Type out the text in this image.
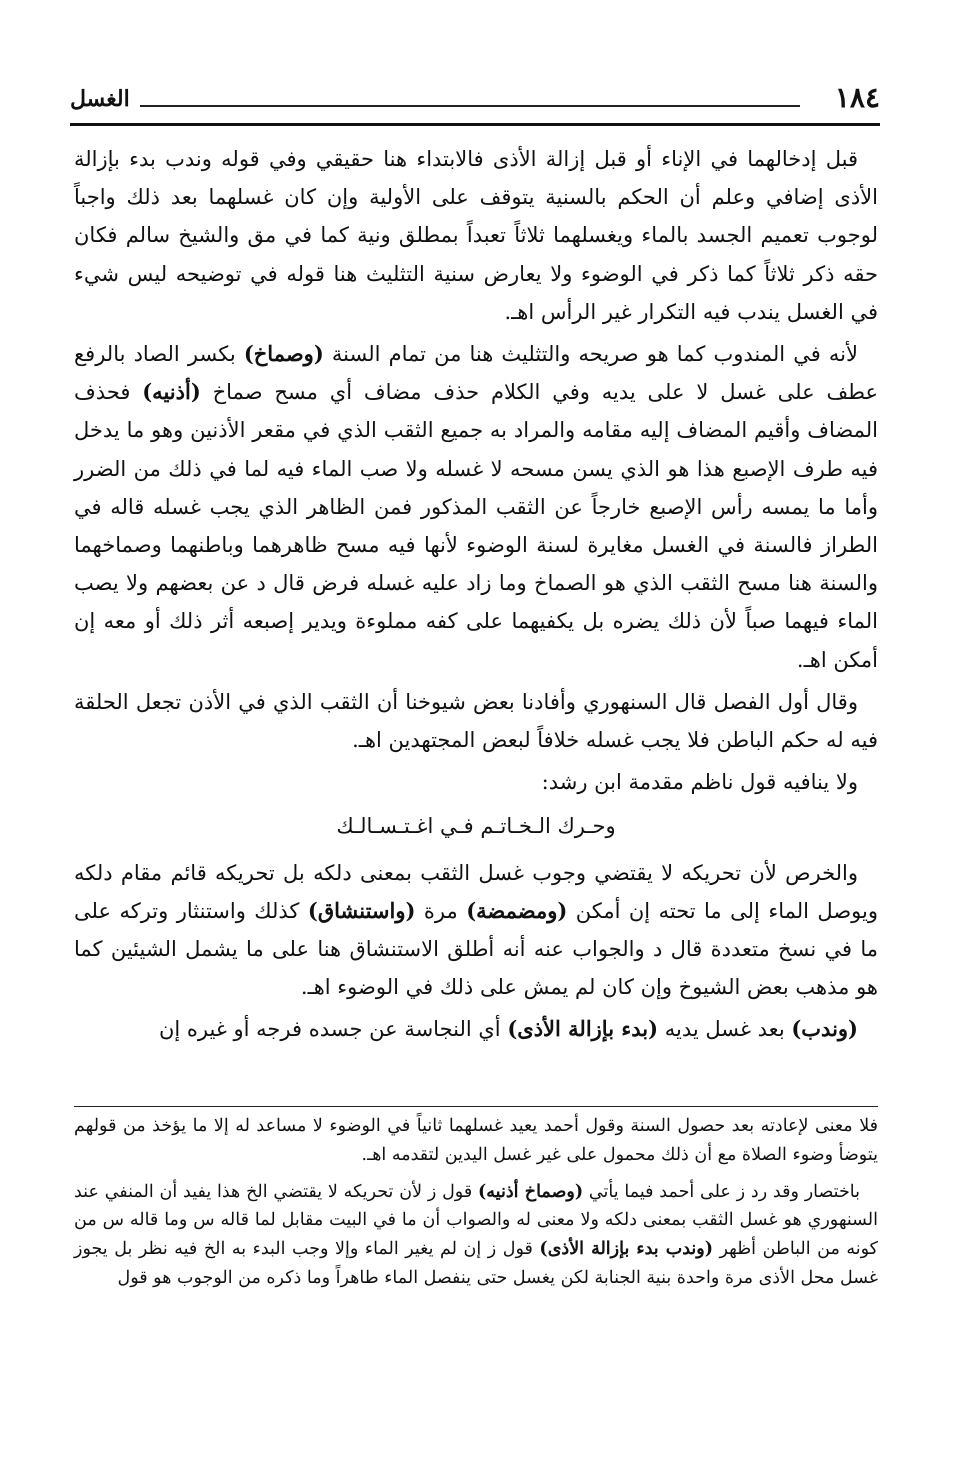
١٨٤
الغسل

قبل إدخالهما في الإناء أو قبل إزالة الأذى فالابتداء هنا حقيقي وفي قوله وندب بدء بإزالة الأذى إضافي وعلم أن الحكم بالسنية يتوقف على الأولية وإن كان غسلهما بعد ذلك واجباً لوجوب تعميم الجسد بالماء ويغسلهما ثلاثاً تعبداً بمطلق ونية كما في مق والشيخ سالم فكان حقه ذكر ثلاثاً كما ذكر في الوضوء ولا يعارض سنية التثليث هنا قوله في توضيحه ليس شيء في الغسل يندب فيه التكرار غير الرأس اهـ.

لأنه في المندوب كما هو صريحه والتثليث هنا من تمام السنة (وصماخ) بكسر الصاد بالرفع عطف على غسل لا على يديه وفي الكلام حذف مضاف أي مسح صماخ (أذنيه) فحذف المضاف وأقيم المضاف إليه مقامه والمراد به جميع الثقب الذي في مقعر الأذنين وهو ما يدخل فيه طرف الإصبع هذا هو الذي يسن مسحه لا غسله ولا صب الماء فيه لما في ذلك من الضرر وأما ما يمسه رأس الإصبع خارجاً عن الثقب المذكور فمن الظاهر الذي يجب غسله قاله في الطراز فالسنة في الغسل مغايرة لسنة الوضوء لأنها فيه مسح ظاهرهما وباطنهما وصماخهما والسنة هنا مسح الثقب الذي هو الصماخ وما زاد عليه غسله فرض قال د عن بعضهم ولا يصب الماء فيهما صباً لأن ذلك يضره بل يكفيهما على كفه مملوءة ويدير إصبعه أثر ذلك أو معه إن أمكن اهـ.

وقال أول الفصل قال السنهوري وأفادنا بعض شيوخنا أن الثقب الذي في الأذن تجعل الحلقة فيه له حكم الباطن فلا يجب غسله خلافاً لبعض المجتهدين اهـ.

ولا ينافيه قول ناظم مقدمة ابن رشد:

وحـرك الـخـاتـم فـي اغـتـسـالـك

والخرص لأن تحريكه لا يقتضي وجوب غسل الثقب بمعنى دلكه بل تحريكه قائم مقام دلكه ويوصل الماء إلى ما تحته إن أمكن (ومضمضة) مرة (واستنشاق) كذلك واستنثار وتركه على ما في نسخ متعددة قال د والجواب عنه أنه أطلق الاستنشاق هنا على ما يشمل الشيئين كما هو مذهب بعض الشيوخ وإن كان لم يمش على ذلك في الوضوء اهـ.

(وندب) بعد غسل يديه (بدء بإزالة الأذى) أي النجاسة عن جسده فرجه أو غيره إن

فلا معنى لإعادته بعد حصول السنة وقول أحمد يعيد غسلهما ثانياً في الوضوء لا مساعد له إلا ما يؤخذ من قولهم يتوضأ وضوء الصلاة مع أن ذلك محمول على غير غسل اليدين لتقدمه اهـ.

باختصار وقد رد ز على أحمد فيما يأتي (وصماخ أذنيه) قول ز لأن تحريكه لا يقتضي الخ هذا يفيد أن المنفي عند السنهوري هو غسل الثقب بمعنى دلكه ولا معنى له والصواب أن ما في البيت مقابل لما قاله س وما قاله س من كونه من الباطن أظهر (وندب بدء بإزالة الأذى) قول ز إن لم يغير الماء وإلا وجب البدء به الخ فيه نظر بل يجوز غسل محل الأذى مرة واحدة بنية الجنابة لكن يغسل حتى ينفصل الماء طاهراً وما ذكره من الوجوب هو قول
